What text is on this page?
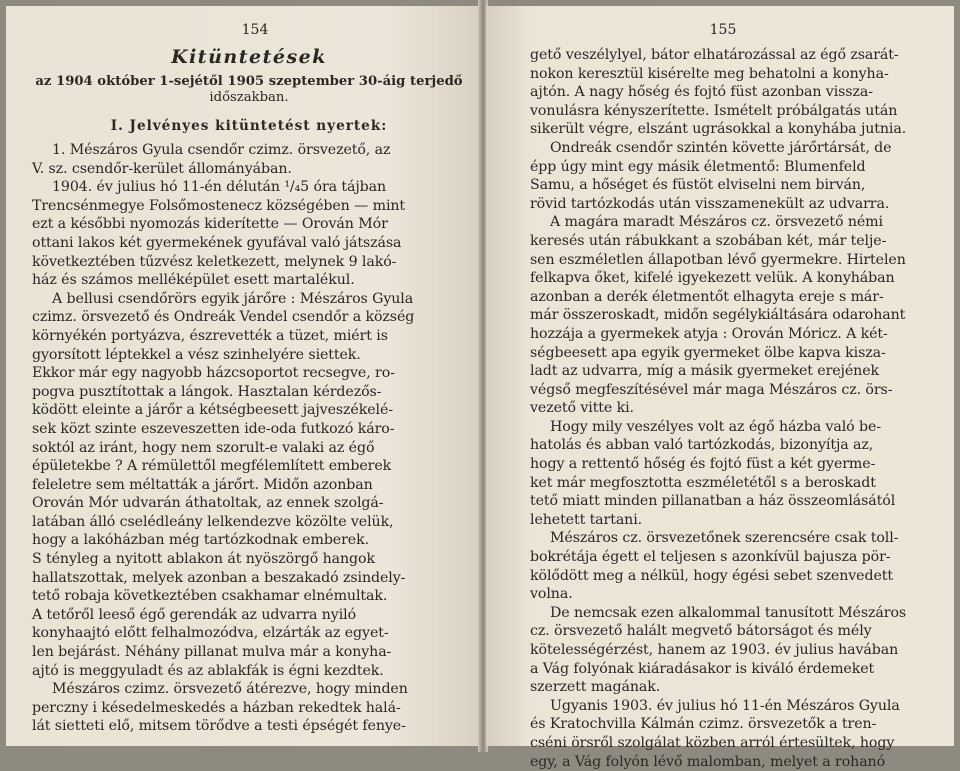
154
Kitüntetések
az 1904 október 1-sejétől 1905 szeptember 30-áig terjedő
időszakban.
I. Jelvényes kitüntetést nyertek:
1. Mészáros Gyula csendőr czimz. örsvezető, az
V. sz. csendőr-kerület állományában.
1904. év julius hó 11-én délután ¹/₄5 óra tájban
Trencsénmegye Folsőmostenecz községében — mint
ezt a későbbi nyomozás kiderítette — Orován Mór
ottani lakos két gyermekének gyufával való játszása
következtében tűzvész keletkezett, melynek 9 lakó-
ház és számos melléképület esett martalékul.
A bellusi csendőrörs egyik járőre : Mészáros Gyula
czimz. örsvezető és Ondreák Vendel csendőr a község
környékén portyázva, észrevették a tüzet, miért is
gyorsított léptekkel a vész szinhelyére siettek.
Ekkor már egy nagyobb házcsoportot recsegve, ro-
pogva pusztítottak a lángok. Hasztalan kérdezős-
ködött eleinte a járőr a kétségbeesett jajveszékelé-
sek közt szinte eszeveszetten ide-oda futkozó káro-
soktól az iránt, hogy nem szorult-e valaki az égő
épületekbe ? A rémülettől megfélemlített emberek
feleletre sem méltatták a járőrt. Midőn azonban
Orován Mór udvarán áthatoltak, az ennek szolgá-
latában álló cselédleány lelkendezve közölte velük,
hogy a lakóházban még tartózkodnak emberek.
S tényleg a nyitott ablakon át nyöszörgő hangok
hallatszottak, melyek azonban a beszakadó zsindely-
tető robaja következtében csakhamar elnémultak.
A tetőről leeső égő gerendák az udvarra nyiló
konyhaajtó előtt felhalmozódva, elzárták az egyet-
len bejárást. Néhány pillanat mulva már a konyha-
ajtó is meggyuladt és az ablakfák is égni kezdtek.
Mészáros czimz. örsvezető átérezve, hogy minden
perczny i késedelmeskedés a házban rekedtek halá-
lát sietteti elő, mitsem törődve a testi épségét fenye-
155
gető veszélylyel, bátor elhatározással az égő zsarát-
nokon keresztül kisérelte meg behatolni a konyha-
ajtón. A nagy hőség és fojtó füst azonban vissza-
vonulásra kényszerítette. Ismételt próbálgatás után
sikerült végre, elszánt ugrásokkal a konyhába jutnia.
Ondreák csendőr szintén követte járőrtársát, de
épp úgy mint egy másik életmentő: Blumenfeld
Samu, a hőséget és füstöt elviselni nem birván,
rövid tartózkodás után visszamenekült az udvarra.
A magára maradt Mészáros cz. örsvezető némi
keresés után rábukkant a szobában két, már telje-
sen eszméletlen állapotban lévő gyermekre. Hirtelen
felkapva őket, kifelé igyekezett velük. A konyhában
azonban a derék életmentőt elhagyta ereje s már-
már összeroskadt, midőn segélykiáltására odarohant
hozzája a gyermekek atyja : Orován Móricz. A két-
ségbeesett apa egyik gyermeket ölbe kapva kisza-
ladt az udvarra, míg a másik gyermeket erejének
végső megfeszítésével már maga Mészáros cz. örs-
vezető vitte ki.
Hogy mily veszélyes volt az égő házba való be-
hatolás és abban való tartózkodás, bizonyítja az,
hogy a rettentő hőség és fojtó füst a két gyerme-
ket már megfosztotta eszméletétől s a beroskadt
tető miatt minden pillanatban a ház összeomlásától
lehetett tartani.
Mészáros cz. örsvezetőnek szerencsére csak toll-
bokrétája égett el teljesen s azonkívül bajusza pör-
kölődött meg a nélkül, hogy égési sebet szenvedett
volna.
De nemcsak ezen alkalommal tanusított Mészáros
cz. örsvezető halált megvető bátorságot és mély
kötelességérzést, hanem az 1903. év julius havában
a Vág folyónak kiáradásakor is kiváló érdemeket
szerzett magának.
Ugyanis 1903. év julius hó 11-én Mészáros Gyula
és Kratochvilla Kálmán czimz. örsvezetők a tren-
cséni örsről szolgálat közben arról értesültek, hogy
egy, a Vág folyón lévő malomban, melyet a rohanó
